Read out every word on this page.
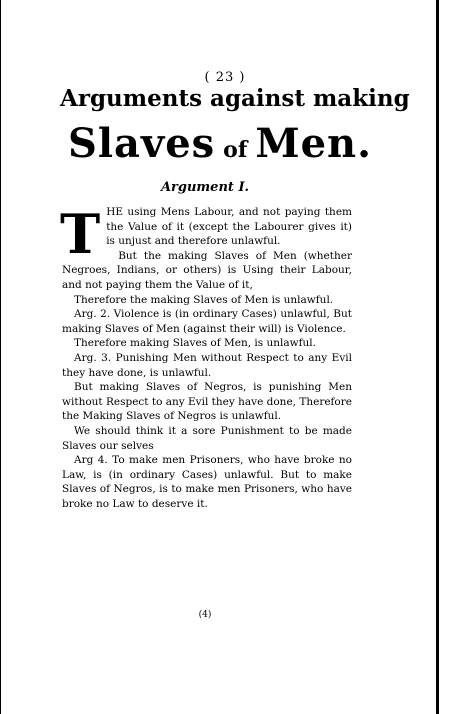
( 23 )
Arguments against making
Slaves of Men.
Argument I.

THE using Mens Labour, and not paying them the Value of it (except the Labourer gives it) is unjust and therefore unlawful.

But the making Slaves of Men (whether Negroes, Indians, or others) is Using their Labour, and not paying them the Value of it,

Therefore the making Slaves of Men is unlawful.

Arg. 2. Violence is (in ordinary Cases) unlawful, But making Slaves of Men (against their will) is Violence.

Therefore making Slaves of Men, is unlawful.

Arg. 3. Punishing Men without Respect to any Evil they have done, is unlawful.

But making Slaves of Negros, is punishing Men without Respect to any Evil they have done, Therefore the Making Slaves of Negros is unlawful.

We should think it a sore Punishment to be made Slaves our selves

Arg 4. To make men Prisoners, who have broke no Law, is (in ordinary Cases) unlawful. But to make Slaves of Negros, is to make men Prisoners, who have broke no Law to deserve it.

(4)
